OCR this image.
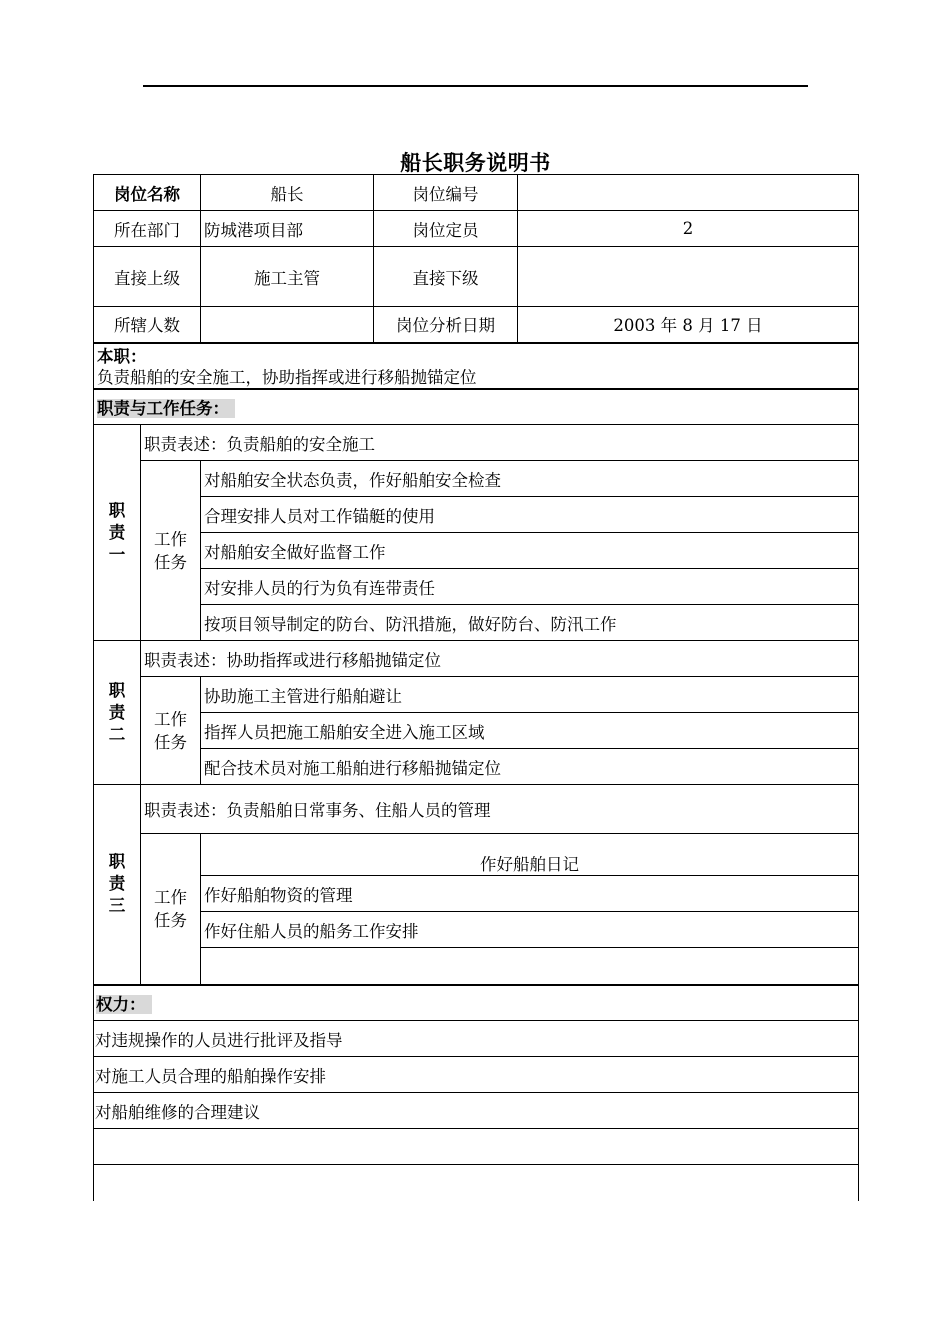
船长职务说明书
岗位名称		船长	岗位编号	
所在部门		防城港项目部	岗位定员	2
直接上级		施工主管	直接下级	
所辖人数			岗位分析日期	2003 年 8 月 17 日

本职：
负责船舶的安全施工，协助指挥或进行移船抛锚定位				

职责与工作任务：				

职
责
一	职责表述：负责船舶的安全施工			

	工作
任务	对船舶安全状态负责，作好船舶安全检查		
		合理安排人员对工作锚艇的使用		
		对船舶安全做好监督工作		
		对安排人员的行为负有连带责任		
		按项目领导制定的防台、防汛措施，做好防台、防汛工作		

职
责
二	职责表述：协助指挥或进行移船抛锚定位			

	工作
任务	协助施工主管进行船舶避让		
		指挥人员把施工船舶安全进入施工区域		
		配合技术员对施工船舶进行移船抛锚定位		

职
责
三	职责表述：负责船舶日常事务、住船人员的管理			

	工作
任务	作好船舶日记		
		作好船舶物资的管理		
		作好住船人员的船务工作安排		

权力：				
对违规操作的人员进行批评及指导				
对施工人员合理的船舶操作安排				
对船舶维修的合理建议				
